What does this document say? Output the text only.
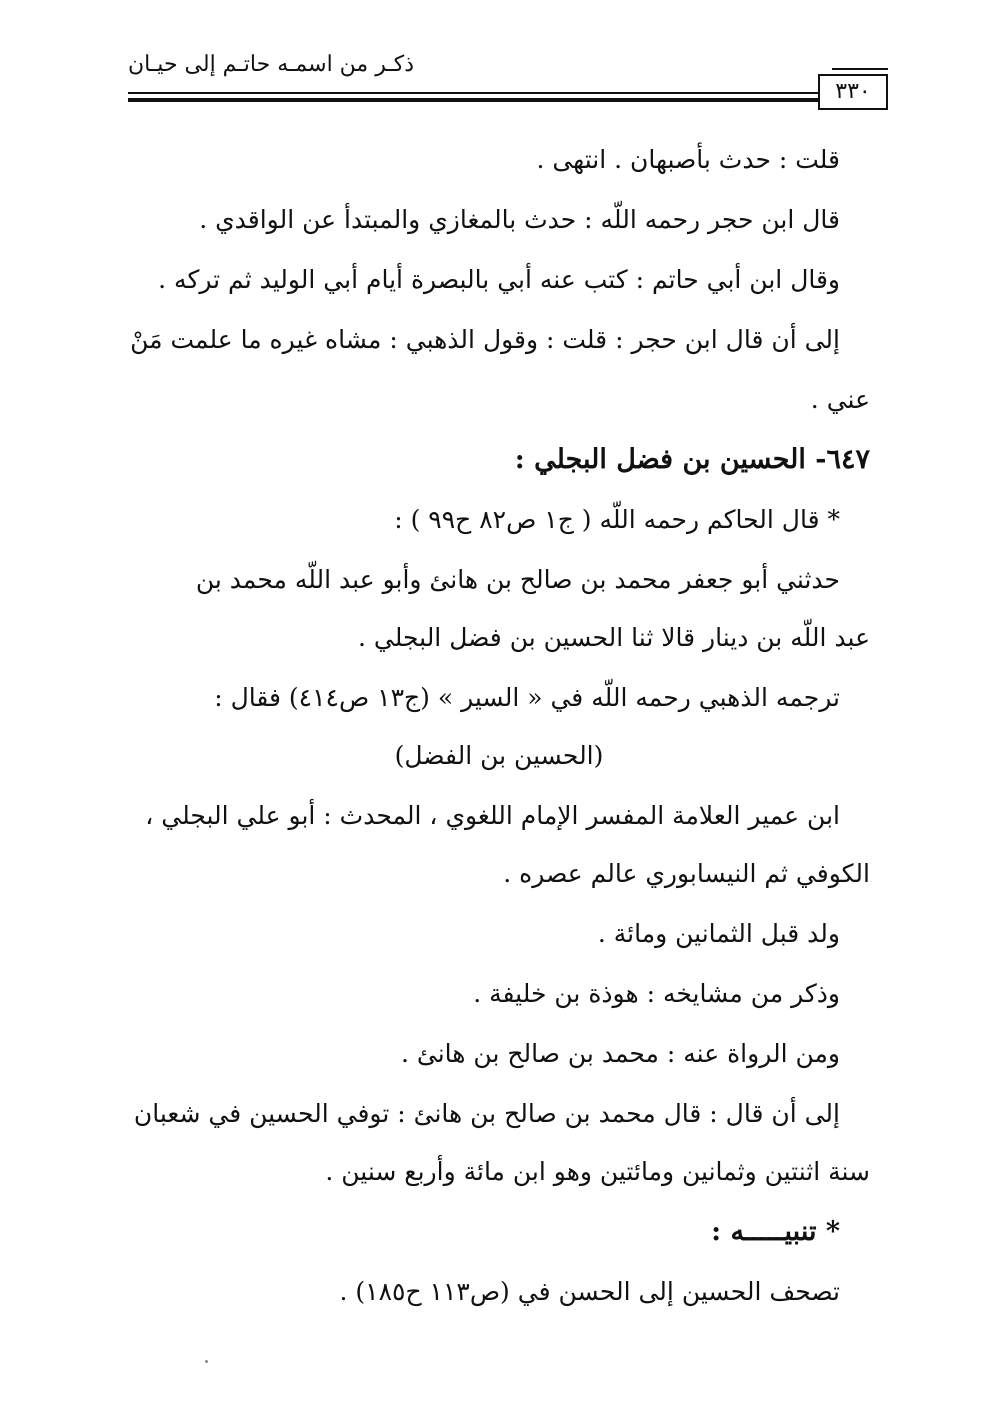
ذكـر من اسمـه حاتـم إلى حيـان
٣٣٠
قلت : حدث بأصبهان . انتهى .
قال ابن حجر رحمه اللّه : حدث بالمغازي والمبتدأ عن الواقدي .
وقال ابن أبي حاتم : كتب عنه أبي بالبصرة أيام أبي الوليد ثم تركه .
إلى أن قال ابن حجر : قلت : وقول الذهبي : مشاه غيره ما علمت مَنْ
عني .
٦٤٧- الحسين بن فضل البجلي :
* قال الحاكم رحمه اللّه ( ج١ ص٨٢ ح٩٩ ) :
حدثني أبو جعفر محمد بن صالح بن هانئ وأبو عبد اللّه محمد بن
عبد اللّه بن دينار قالا ثنا الحسين بن فضل البجلي .
ترجمه الذهبي رحمه اللّه في « السير » (ج١٣ ص٤١٤) فقال :
(الحسين بن الفضل)
ابن عمير العلامة المفسر الإمام اللغوي ، المحدث : أبو علي البجلي ،
الكوفي ثم النيسابوري عالم عصره .
ولد قبل الثمانين ومائة .
وذكر من مشايخه : هوذة بن خليفة .
ومن الرواة عنه : محمد بن صالح بن هانئ .
إلى أن قال : قال محمد بن صالح بن هانئ : توفي الحسين في شعبان
سنة اثنتين وثمانين ومائتين وهو ابن مائة وأربع سنين .
* تنبيـــــه :
تصحف الحسين إلى الحسن في (ص١١٣ ح١٨٥) .
